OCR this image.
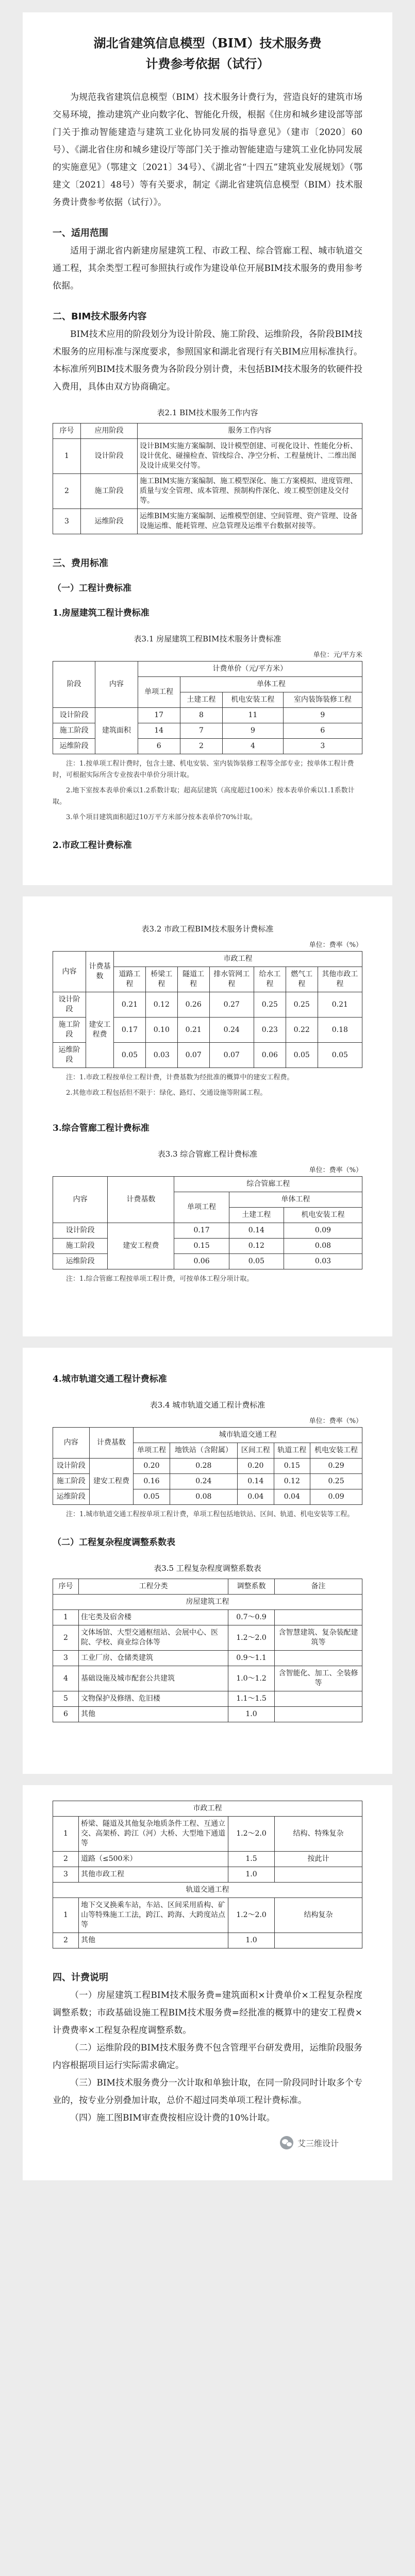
湖北省建筑信息模型（BIM）技术服务费
计费参考依据（试行）

为规范我省建筑信息模型（BIM）技术服务计费行为，营造良好的建筑市场交易环境，推动建筑产业向数字化、智能化升级，根据《住房和城乡建设部等部门关于推动智能建造与建筑工业化协同发展的指导意见》（建市〔2020〕60号）、《湖北省住房和城乡建设厅等部门关于推动智能建造与建筑工业化协同发展的实施意见》（鄂建文〔2021〕34号）、《湖北省“十四五”建筑业发展规划》（鄂建文〔2021〕48号）等有关要求，制定《湖北省建筑信息模型（BIM）技术服务费计费参考依据（试行）》。

一、适用范围

适用于湖北省内新建房屋建筑工程、市政工程、综合管廊工程、城市轨道交通工程，其余类型工程可参照执行或作为建设单位开展BIM技术服务的费用参考依据。

二、BIM技术服务内容

BIM技术应用的阶段划分为设计阶段、施工阶段、运维阶段，各阶段BIM技术服务的应用标准与深度要求，参照国家和湖北省现行有关BIM应用标准执行。本标准所列BIM技术服务费为各阶段分别计费，未包括BIM技术服务的软硬件投入费用，具体由双方协商确定。

表2.1 BIM技术服务工作内容
序号	应用阶段	服务工作内容
1	设计阶段	设计BIM实施方案编制、设计模型创建、可视化设计、性能化分析、设计优化、碰撞检查、管线综合、净空分析、工程量统计、二维出图及设计成果交付等。
2	施工阶段	施工BIM实施方案编制、施工模型深化、施工方案模拟、进度管理、质量与安全管理、成本管理、预制构件深化、竣工模型创建及交付等。
3	运维阶段	运维BIM实施方案编制、运维模型创建、空间管理、资产管理、设备设施运维、能耗管理、应急管理及运维平台数据对接等。
三、费用标准
（一）工程计费标准
1.房屋建筑工程计费标准
表3.1 房屋建筑工程BIM技术服务计费标准
单位：元/平方米
阶段	内容	计费单价（元/平方米）			
		单项工程	单体工程		
			土建工程	机电安装工程	室内装饰装修工程
设计阶段	建筑面积	17	8	11	9
施工阶段		14	7	9	6
运维阶段		6	2	4	3

注：1.按单项工程计费时，包含土建、机电安装、室内装饰装修工程等全部专业；按单体工程计费时，可根据实际所含专业按表中单价分项计取。

2.地下室按本表单价乘以1.2系数计取；超高层建筑（高度超过100米）按本表单价乘以1.1系数计取。

3.单个项目建筑面积超过10万平方米部分按本表单价70%计取。

2.市政工程计费标准
表3.2 市政工程BIM技术服务计费标准
单位：费率（%）
内容	计费基数	市政工程						
		道路工程	桥梁工程	隧道工程	排水管网工程	给水工程	燃气工程	其他市政工程
设计阶段	建安工程费	0.21	0.12	0.26	0.27	0.25	0.25	0.21
施工阶段		0.17	0.10	0.21	0.24	0.23	0.22	0.18
运维阶段		0.05	0.03	0.07	0.07	0.06	0.05	0.05

注：1.市政工程按单位工程计费，计费基数为经批准的概算中的建安工程费。

2.其他市政工程包括但不限于：绿化、路灯、交通设施等附属工程。

3.综合管廊工程计费标准
表3.3 综合管廊工程计费标准
单位：费率（%）
内容	计费基数	综合管廊工程		
		单项工程	单体工程	
			土建工程	机电安装工程
设计阶段	建安工程费	0.17	0.14	0.09
施工阶段		0.15	0.12	0.08
运维阶段		0.06	0.05	0.03

注：1.综合管廊工程按单项工程计费，可按单体工程分项计取。

4.城市轨道交通工程计费标准
表3.4 城市轨道交通工程计费标准
单位：费率（%）
内容	计费基数	城市轨道交通工程				
		单项工程	地铁站（含附属）	区间工程	轨道工程	机电安装工程
设计阶段	建安工程费	0.20	0.28	0.20	0.15	0.29
施工阶段		0.16	0.24	0.14	0.12	0.25
运维阶段		0.05	0.08	0.04	0.04	0.09

注：1.城市轨道交通工程按单项工程计费，单项工程包括地铁站、区间、轨道、机电安装等工程。

（二）工程复杂程度调整系数表
表3.5 工程复杂程度调整系数表
序号	工程分类	调整系数	备注
房屋建筑工程			
1	住宅类及宿舍楼	0.7～0.9	
2	文体场馆、大型交通枢纽站、会展中心、医院、学校、商业综合体等	1.2～2.0	含智慧建筑、复杂装配建筑等
3	工业厂房、仓储类建筑	0.9～1.1	
4	基础设施及城市配套公共建筑	1.0～1.2	含智能化、加工、全装修等
5	文物保护及修缮、危旧楼	1.1～1.5	
6	其他	1.0	
市政工程			
1	桥梁、隧道及其他复杂地质条件工程、互通立交、高架桥、跨江（河）大桥、大型地下通道等	1.2～2.0	结构、特殊复杂
2	道路（≤500米）	1.5	按此计
3	其他市政工程	1.0	
轨道交通工程			
1	地下交叉换乘车站，车站、区间采用盾构、矿山等特殊施工工法，跨江、跨海、大跨度站点等	1.2～2.0	结构复杂
2	其他	1.0	
四、计费说明

（一）房屋建筑工程BIM技术服务费=建筑面积×计费单价×工程复杂程度调整系数；市政基础设施工程BIM技术服务费=经批准的概算中的建安工程费×计费费率×工程复杂程度调整系数。

（二）运维阶段的BIM技术服务费不包含管理平台研发费用，运维阶段服务内容根据项目运行实际需求确定。

（三）BIM技术服务费分一次计取和单独计取，在同一阶段同时计取多个专业的，按专业分别叠加计取，总价不超过同类单项工程计费标准。

（四）施工图BIM审查费按相应设计费的10%计取。

艾三维设计
